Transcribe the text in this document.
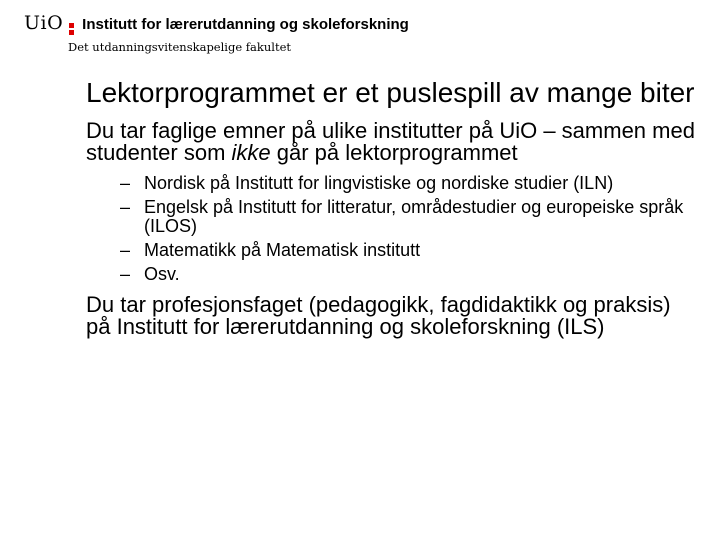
UiO Institutt for lærerutdanning og skoleforskning
Det utdanningsvitenskapelige fakultet
Lektorprogrammet er et puslespill av mange biter

Du tar faglige emner på ulike institutter på UiO – sammen med studenter som ikke går på lektorprogrammet

– Nordisk på Institutt for lingvistiske og nordiske studier (ILN)
– Engelsk på Institutt for litteratur, områdestudier og europeiske språk (ILOS)
– Matematikk på Matematisk institutt
– Osv.

Du tar profesjonsfaget (pedagogikk, fagdidaktikk og praksis) på Institutt for lærerutdanning og skoleforskning (ILS)
